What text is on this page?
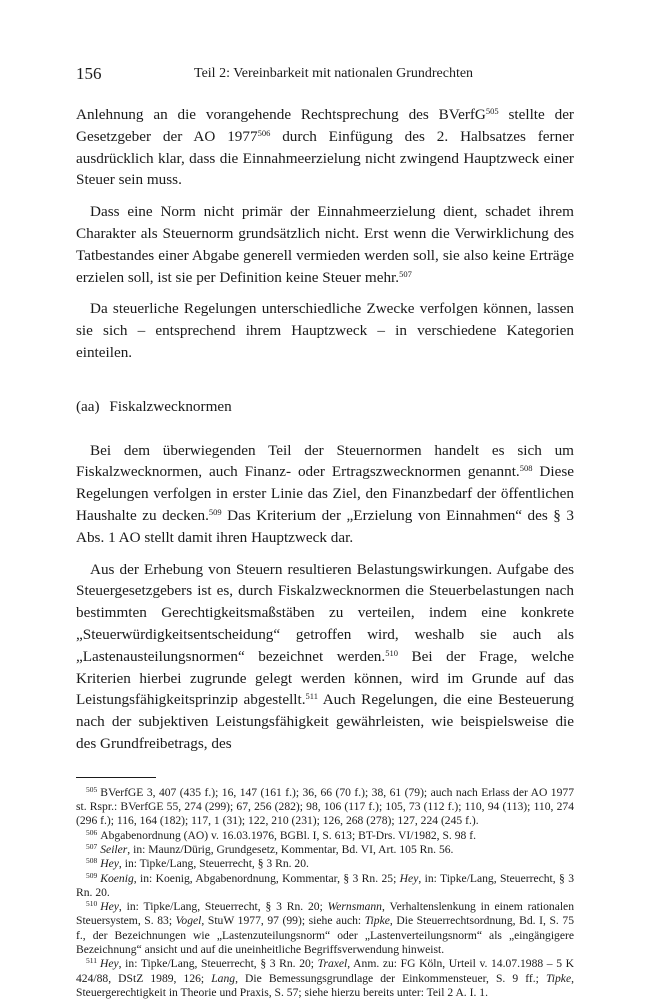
156	Teil 2: Vereinbarkeit mit nationalen Grundrechten

Anlehnung an die vorangehende Rechtsprechung des BVerfG$^{505}$ stellte der Gesetzgeber der AO 1977$^{506}$ durch Einfügung des 2. Halbsatzes ferner ausdrücklich klar, dass die Einnahmeerzielung nicht zwingend Hauptzweck einer Steuer sein muss.

Dass eine Norm nicht primär der Einnahmeerzielung dient, schadet ihrem Charakter als Steuernorm grundsätzlich nicht. Erst wenn die Verwirklichung des Tatbestandes einer Abgabe generell vermieden werden soll, sie also keine Erträge erzielen soll, ist sie per Definition keine Steuer mehr.$^{507}$

Da steuerliche Regelungen unterschiedliche Zwecke verfolgen können, lassen sie sich – entsprechend ihrem Hauptzweck – in verschiedene Kategorien einteilen.

(aa) Fiskalzwecknormen

Bei dem überwiegenden Teil der Steuernormen handelt es sich um Fiskalzwecknormen, auch Finanz- oder Ertragszwecknormen genannt.$^{508}$ Diese Regelungen verfolgen in erster Linie das Ziel, den Finanzbedarf der öffentlichen Haushalte zu decken.$^{509}$ Das Kriterium der „Erzielung von Einnahmen“ des § 3 Abs. 1 AO stellt damit ihren Hauptzweck dar.

Aus der Erhebung von Steuern resultieren Belastungswirkungen. Aufgabe des Steuergesetzgebers ist es, durch Fiskalzwecknormen die Steuerbelastungen nach bestimmten Gerechtigkeitsmaßstäben zu verteilen, indem eine konkrete „Steuerwürdigkeitsentscheidung“ getroffen wird, weshalb sie auch als „Lastenausteilungsnormen“ bezeichnet werden.$^{510}$ Bei der Frage, welche Kriterien hierbei zugrunde gelegt werden können, wird im Grunde auf das Leistungsfähigkeitsprinzip abgestellt.$^{511}$ Auch Regelungen, die eine Besteuerung nach der subjektiven Leistungsfähigkeit gewährleisten, wie beispielsweise die des Grundfreibetrags, des

$^{505}$ BVerfGE 3, 407 (435 f.); 16, 147 (161 f.); 36, 66 (70 f.); 38, 61 (79); auch nach Erlass der AO 1977 st. Rspr.: BVerfGE 55, 274 (299); 67, 256 (282); 98, 106 (117 f.); 105, 73 (112 f.); 110, 94 (113); 110, 274 (296 f.); 116, 164 (182); 117, 1 (31); 122, 210 (231); 126, 268 (278); 127, 224 (245 f.).

$^{506}$ Abgabenordnung (AO) v. 16.03.1976, BGBl. I, S. 613; BT-Drs. VI/1982, S. 98 f.

$^{507}$ Seiler, in: Maunz/Dürig, Grundgesetz, Kommentar, Bd. VI, Art. 105 Rn. 56.

$^{508}$ Hey, in: Tipke/Lang, Steuerrecht, § 3 Rn. 20.

$^{509}$ Koenig, in: Koenig, Abgabenordnung, Kommentar, § 3 Rn. 25; Hey, in: Tipke/Lang, Steuerrecht, § 3 Rn. 20.

$^{510}$ Hey, in: Tipke/Lang, Steuerrecht, § 3 Rn. 20; Wernsmann, Verhaltenslenkung in einem rationalen Steuersystem, S. 83; Vogel, StuW 1977, 97 (99); siehe auch: Tipke, Die Steuerrechtsordnung, Bd. I, S. 75 f., der Bezeichnungen wie „Lastenzuteilungsnorm“ oder „Lastenverteilungsnorm“ als „eingängigere Bezeichnung“ ansicht und auf die uneinheitliche Begriffsverwendung hinweist.

$^{511}$ Hey, in: Tipke/Lang, Steuerrecht, § 3 Rn. 20; Traxel, Anm. zu: FG Köln, Urteil v. 14.07.1988 – 5 K 424/88, DStZ 1989, 126; Lang, Die Bemessungsgrundlage der Einkommensteuer, S. 9 ff.; Tipke, Steuergerechtigkeit in Theorie und Praxis, S. 57; siehe hierzu bereits unter: Teil 2 A. I. 1.
